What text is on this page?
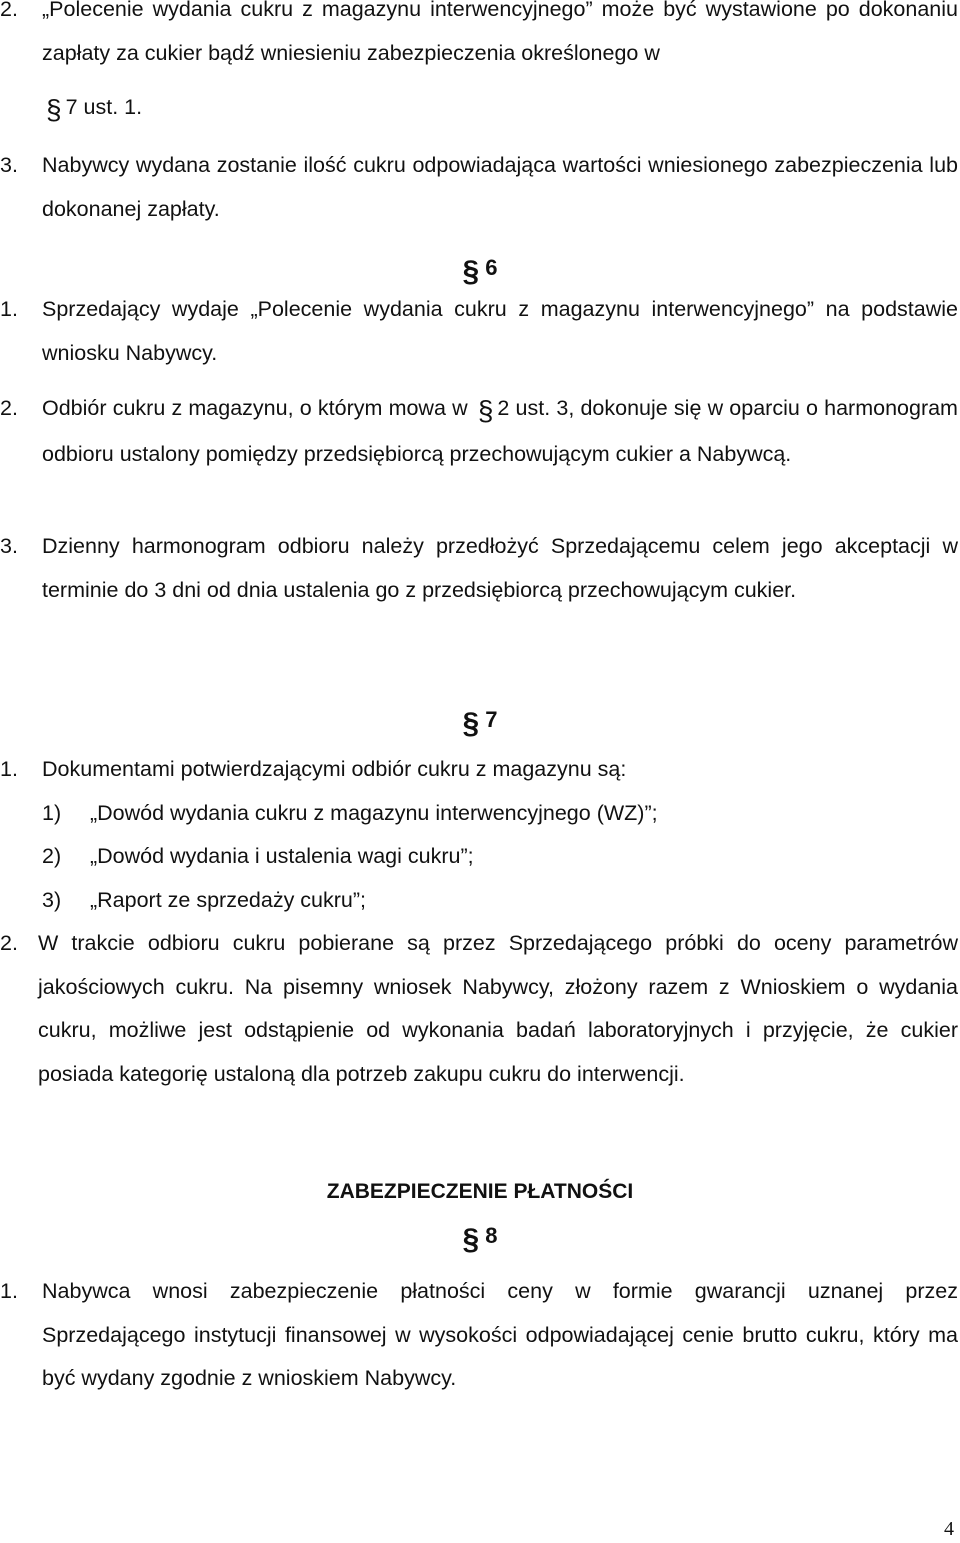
2.	„Polecenie wydania cukru z magazynu interwencyjnego” może być wystawione po dokonaniu zapłaty za cukier bądź wniesieniu zabezpieczenia określonego w
§ 7 ust. 1.
3.	Nabywcy wydana zostanie ilość cukru odpowiadająca wartości wniesionego zabezpieczenia lub dokonanej zapłaty.
§ 6
1.	Sprzedający wydaje „Polecenie wydania cukru z magazynu interwencyjnego” na podstawie wniosku Nabywcy.
2.	Odbiór cukru z magazynu, o którym mowa w § 2 ust. 3, dokonuje się w oparciu o harmonogram odbioru ustalony pomiędzy przedsiębiorcą przechowującym cukier a Nabywcą.
3.	Dzienny harmonogram odbioru należy przedłożyć Sprzedającemu celem jego akceptacji w terminie do 3 dni od dnia ustalenia go z przedsiębiorcą przechowującym cukier.
§ 7
1.	Dokumentami potwierdzającymi odbiór cukru z magazynu są:
1) „Dowód wydania cukru z magazynu interwencyjnego (WZ)”;
2) „Dowód wydania i ustalenia wagi cukru”;
3) „Raport ze sprzedaży cukru”;
2. W trakcie odbioru cukru pobierane są przez Sprzedającego próbki do oceny parametrów jakościowych cukru. Na pisemny wniosek Nabywcy, złożony razem z Wnioskiem o wydania cukru, możliwe jest odstąpienie od wykonania badań laboratoryjnych i przyjęcie, że cukier posiada kategorię ustaloną dla potrzeb zakupu cukru do interwencji.
ZABEZPIECZENIE PŁATNOŚCI
§ 8
1.	Nabywca wnosi zabezpieczenie płatności ceny w formie gwarancji uznanej przez Sprzedającego instytucji finansowej w wysokości odpowiadającej cenie brutto cukru, który ma być wydany zgodnie z wnioskiem Nabywcy.
4
